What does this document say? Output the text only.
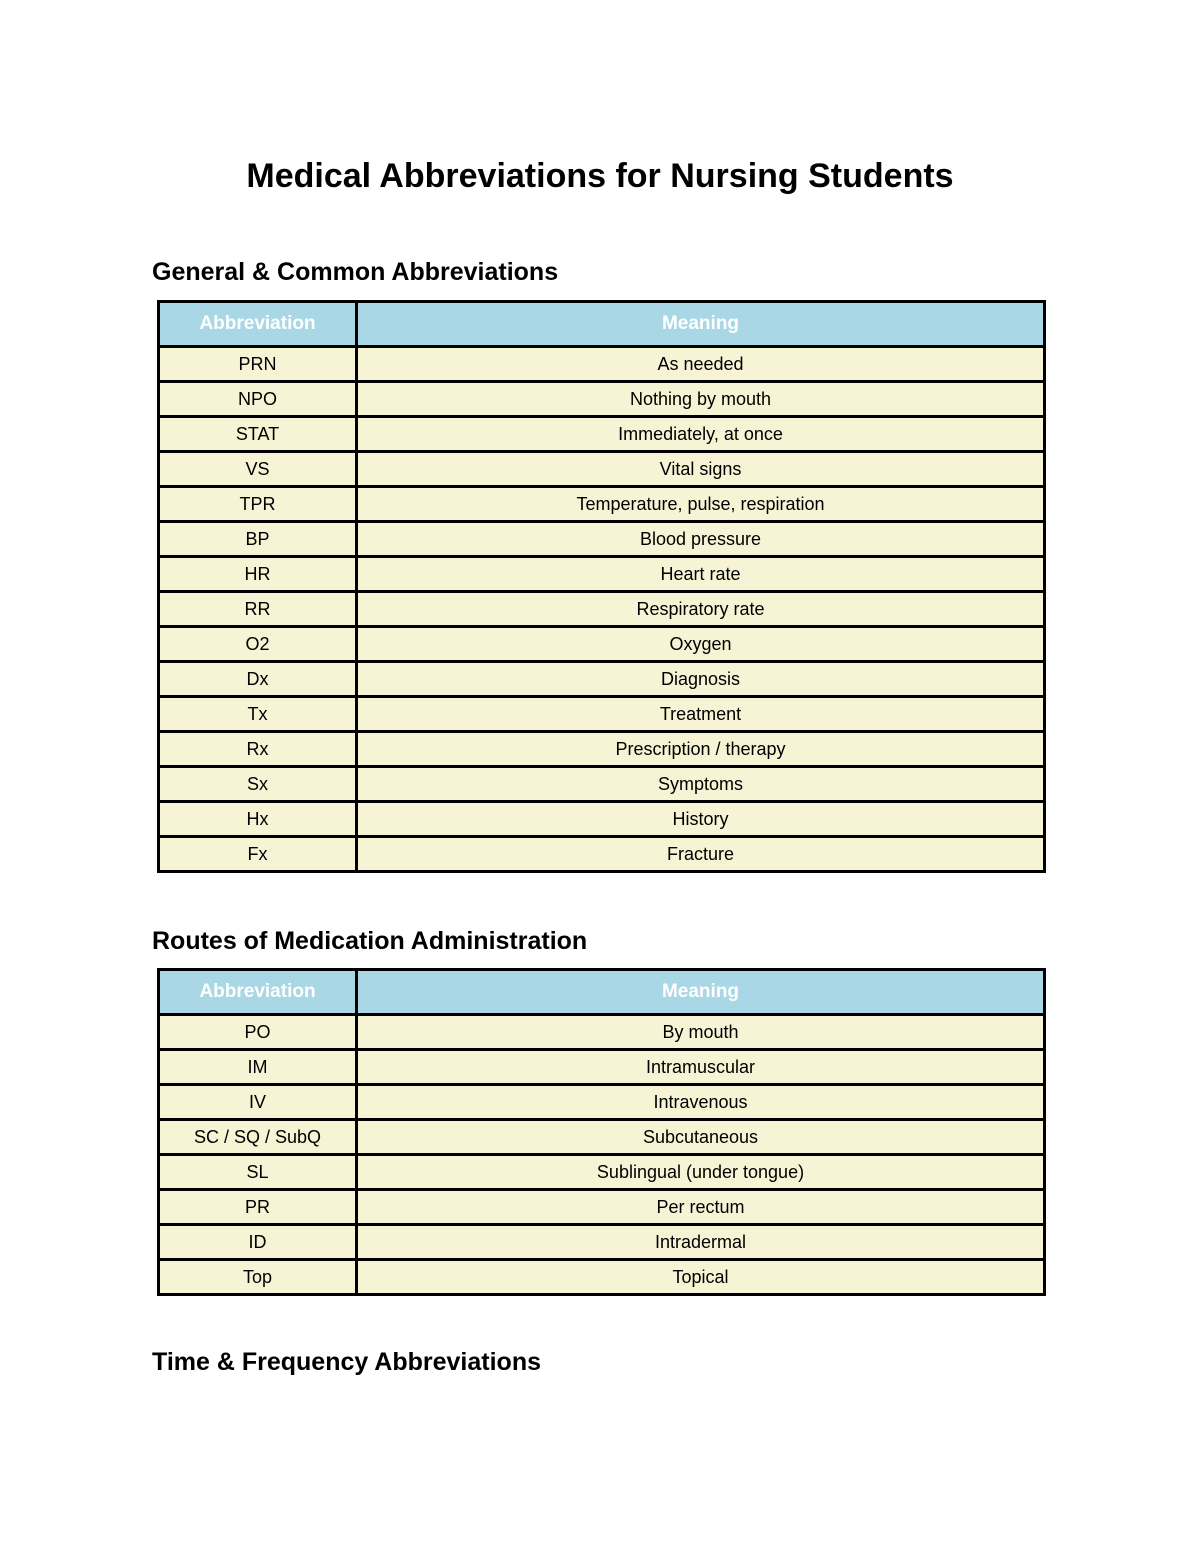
Medical Abbreviations for Nursing Students
General & Common Abbreviations
Abbreviation	Meaning
PRN	As needed
NPO	Nothing by mouth
STAT	Immediately, at once
VS	Vital signs
TPR	Temperature, pulse, respiration
BP	Blood pressure
HR	Heart rate
RR	Respiratory rate
O2	Oxygen
Dx	Diagnosis
Tx	Treatment
Rx	Prescription / therapy
Sx	Symptoms
Hx	History
Fx	Fracture
Routes of Medication Administration
Abbreviation	Meaning
PO	By mouth
IM	Intramuscular
IV	Intravenous
SC / SQ / SubQ	Subcutaneous
SL	Sublingual (under tongue)
PR	Per rectum
ID	Intradermal
Top	Topical
Time & Frequency Abbreviations
